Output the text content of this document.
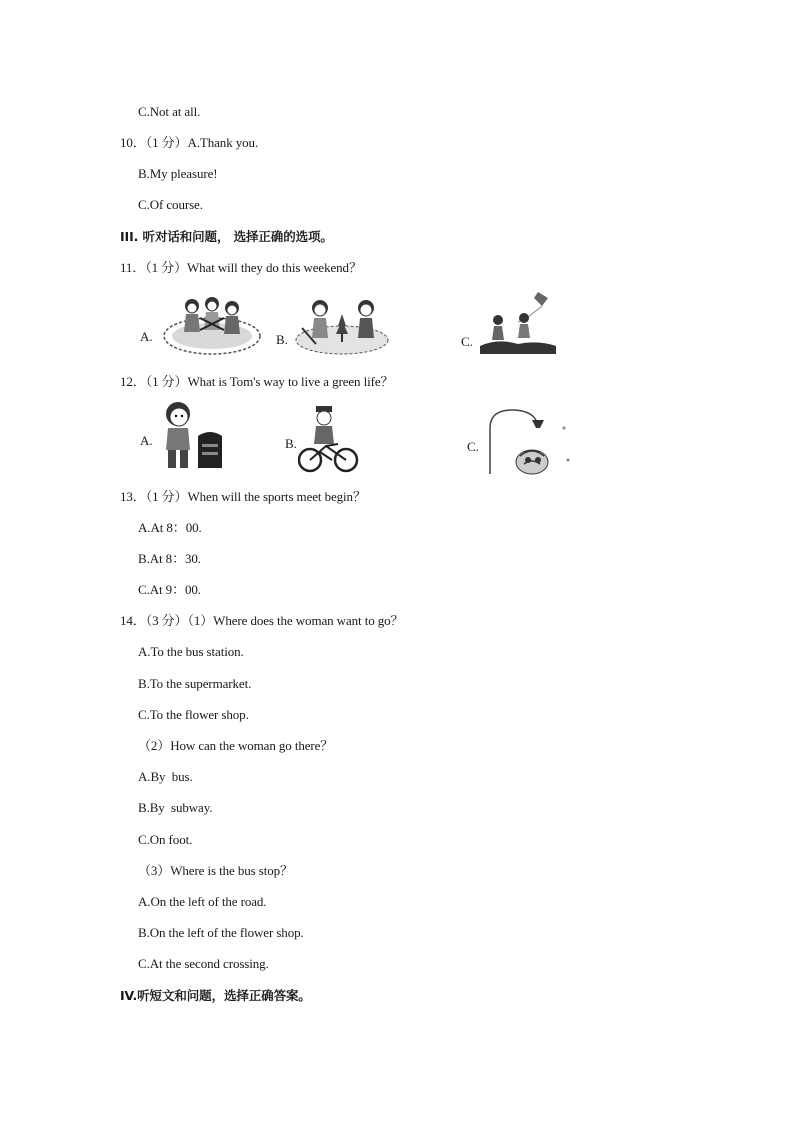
C.Not at all.
10．（1 分）A.Thank you.
B.My pleasure!
C.Of course.
III. 听对话和问题， 选择正确的选项。
11．（1 分）What will they do this weekend？
A.	B.	C.
12．（1 分）What is Tom's way to live a green life？
A.	B.	C.
13．（1 分）When will the sports meet begin？
A.At 8：00.
B.At 8：30.
C.At 9：00.
14．（3 分）（1）Where does the woman want to go？
A.To the bus station.
B.To the supermarket.
C.To the flower shop.
（2）How can the woman go there？
A.By  bus.
B.By  subway.
C.On foot.
（3）Where is the bus stop？
A.On the left of the road.
B.On the left of the flower shop.
C.At the second crossing.
IV.听短文和问题，选择正确答案。
